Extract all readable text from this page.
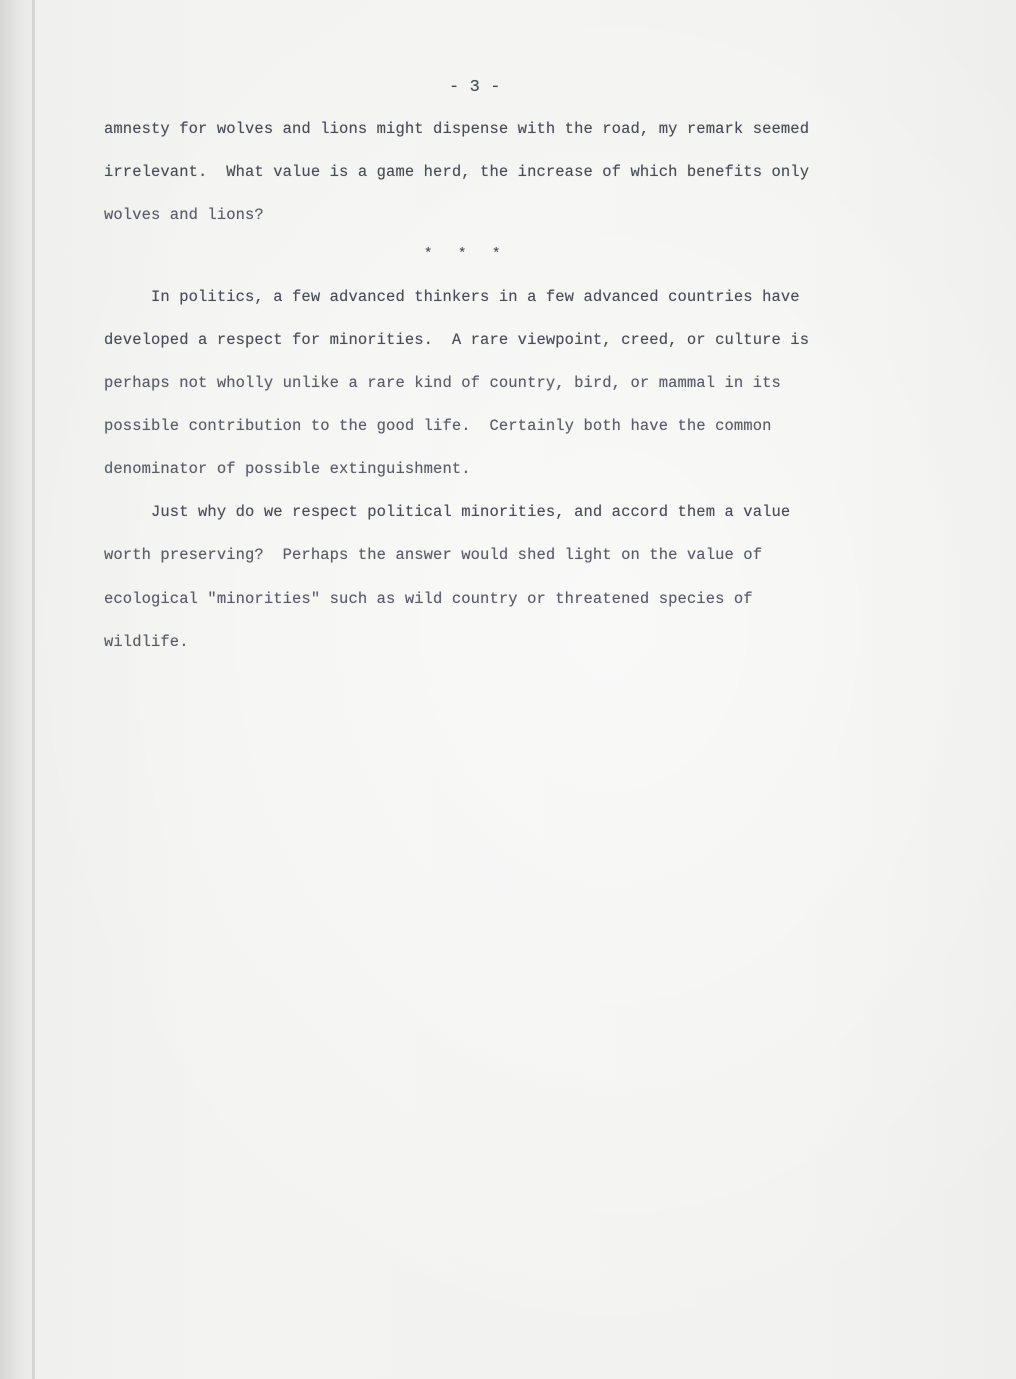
- 3 -
amnesty for wolves and lions might dispense with the road, my remark seemed
irrelevant.  What value is a game herd, the increase of which benefits only
wolves and lions?
*   *   *
In politics, a few advanced thinkers in a few advanced countries have
developed a respect for minorities.  A rare viewpoint, creed, or culture is
perhaps not wholly unlike a rare kind of country, bird, or mammal in its
possible contribution to the good life.  Certainly both have the common
denominator of possible extinguishment.
Just why do we respect political minorities, and accord them a value
worth preserving?  Perhaps the answer would shed light on the value of
ecological "minorities" such as wild country or threatened species of
wildlife.
